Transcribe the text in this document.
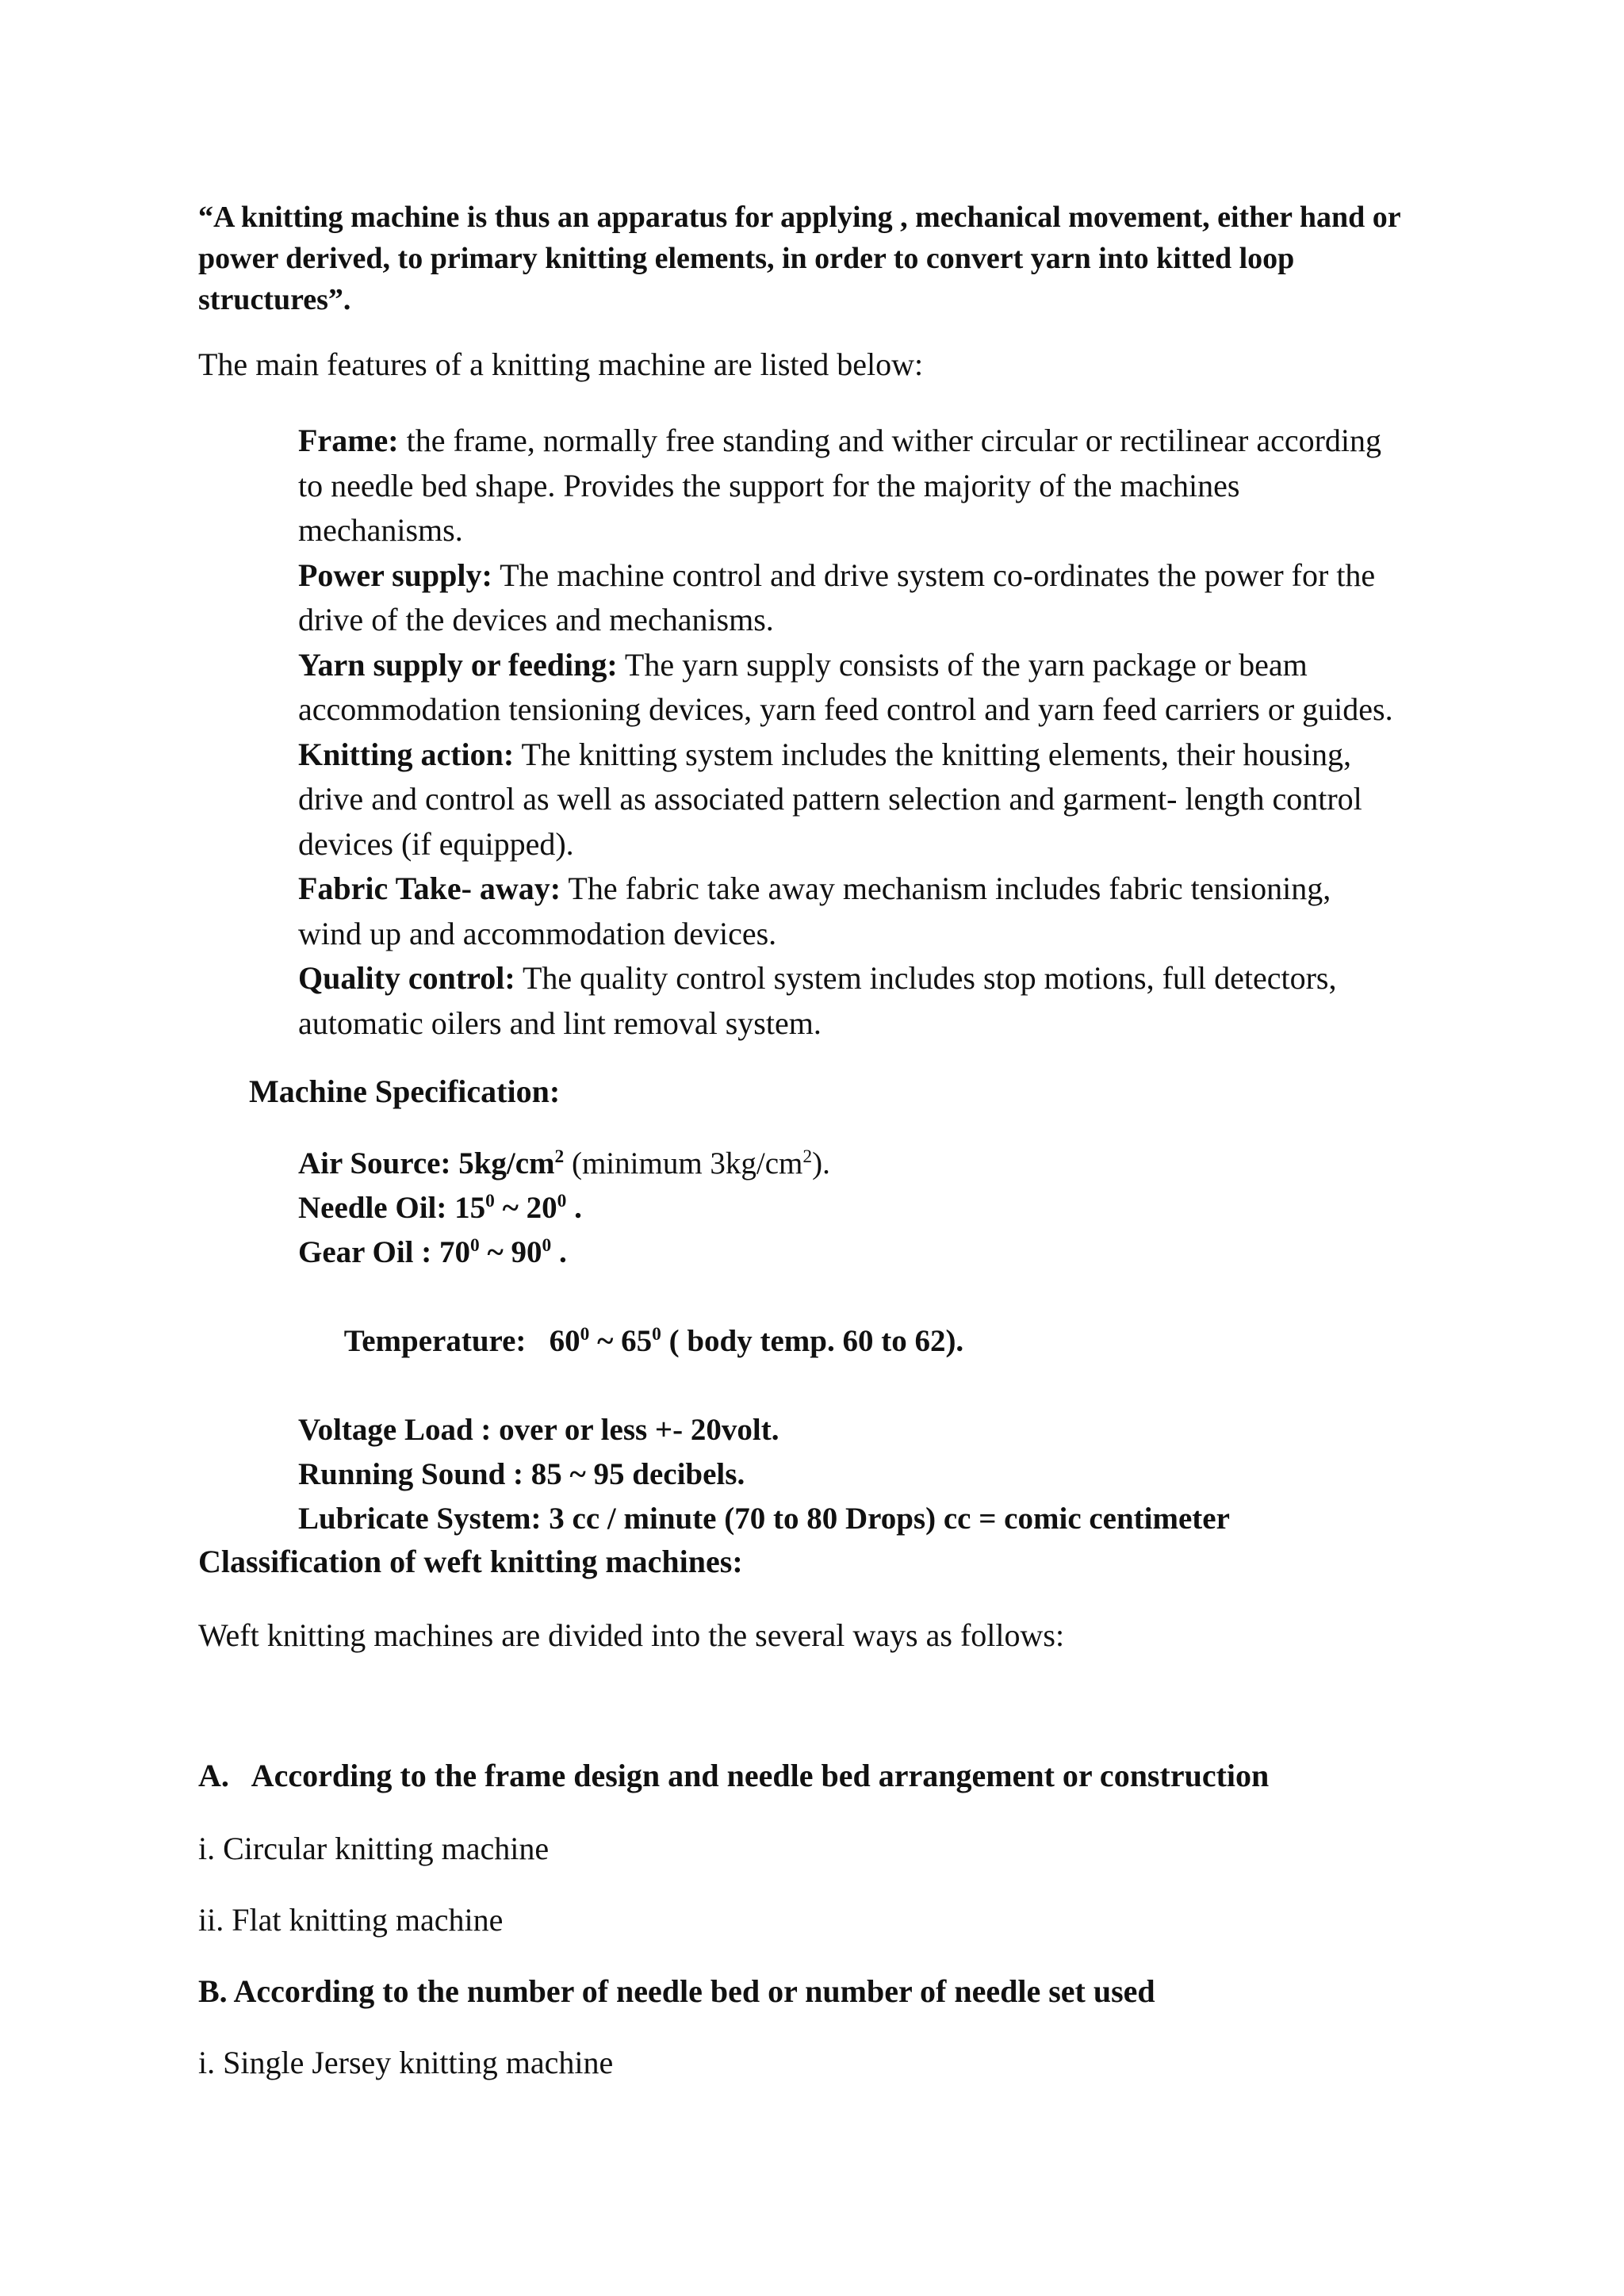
“A knitting machine is thus an apparatus for applying , mechanical movement, either hand or
power derived, to primary knitting elements, in order to convert yarn into kitted loop
structures”.
The main features of a knitting machine are listed below:
Frame: the frame, normally free standing and wither circular or rectilinear according
to needle bed shape. Provides the support for the majority of the machines
mechanisms.
Power supply: The machine control and drive system co-ordinates the power for the
drive of the devices and mechanisms.
Yarn supply or feeding: The yarn supply consists of the yarn package or beam
accommodation tensioning devices, yarn feed control and yarn feed carriers or guides.
Knitting action: The knitting system includes the knitting elements, their housing,
drive and control as well as associated pattern selection and garment- length control
devices (if equipped).
Fabric Take- away: The fabric take away mechanism includes fabric tensioning,
wind up and accommodation devices.
Quality control: The quality control system includes stop motions, full detectors,
automatic oilers and lint removal system.
Machine Specification:
Air Source: $5kg/cm^2$ (minimum $3kg/cm^2$).
Needle Oil: $15^0$ ~ $20^0$ .
Gear Oil : $70^0$ ~ $90^0$ .

Temperature:   $60^0$ ~ $65^0$ ( body temp. 60 to 62).

Voltage Load : over or less +- 20volt.
Running Sound : 85 ~ 95 decibels.
Lubricate System: 3 cc / minute (70 to 80 Drops) cc = comic centimeter
Classification of weft knitting machines:
Weft knitting machines are divided into the several ways as follows:
A.   According to the frame design and needle bed arrangement or construction
i. Circular knitting machine
ii. Flat knitting machine
B. According to the number of needle bed or number of needle set used
i. Single Jersey knitting machine
